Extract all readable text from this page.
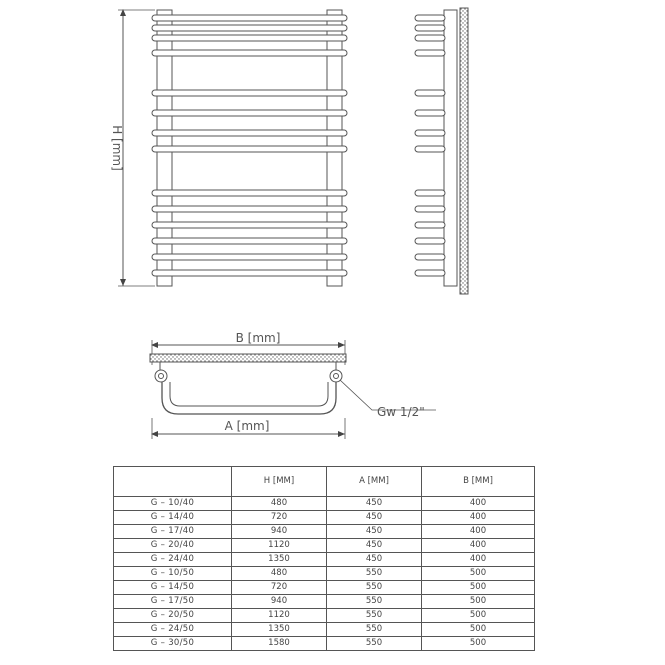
H [mm]
B [mm]
A [mm]
Gw 1/2"
	H [MM]	A [MM]	B [MM]
G – 10/40	480	450	400
G – 14/40	720	450	400
G – 17/40	940	450	400
G – 20/40	1120	450	400
G – 24/40	1350	450	400
G – 10/50	480	550	500
G – 14/50	720	550	500
G – 17/50	940	550	500
G – 20/50	1120	550	500
G – 24/50	1350	550	500
G – 30/50	1580	550	500
